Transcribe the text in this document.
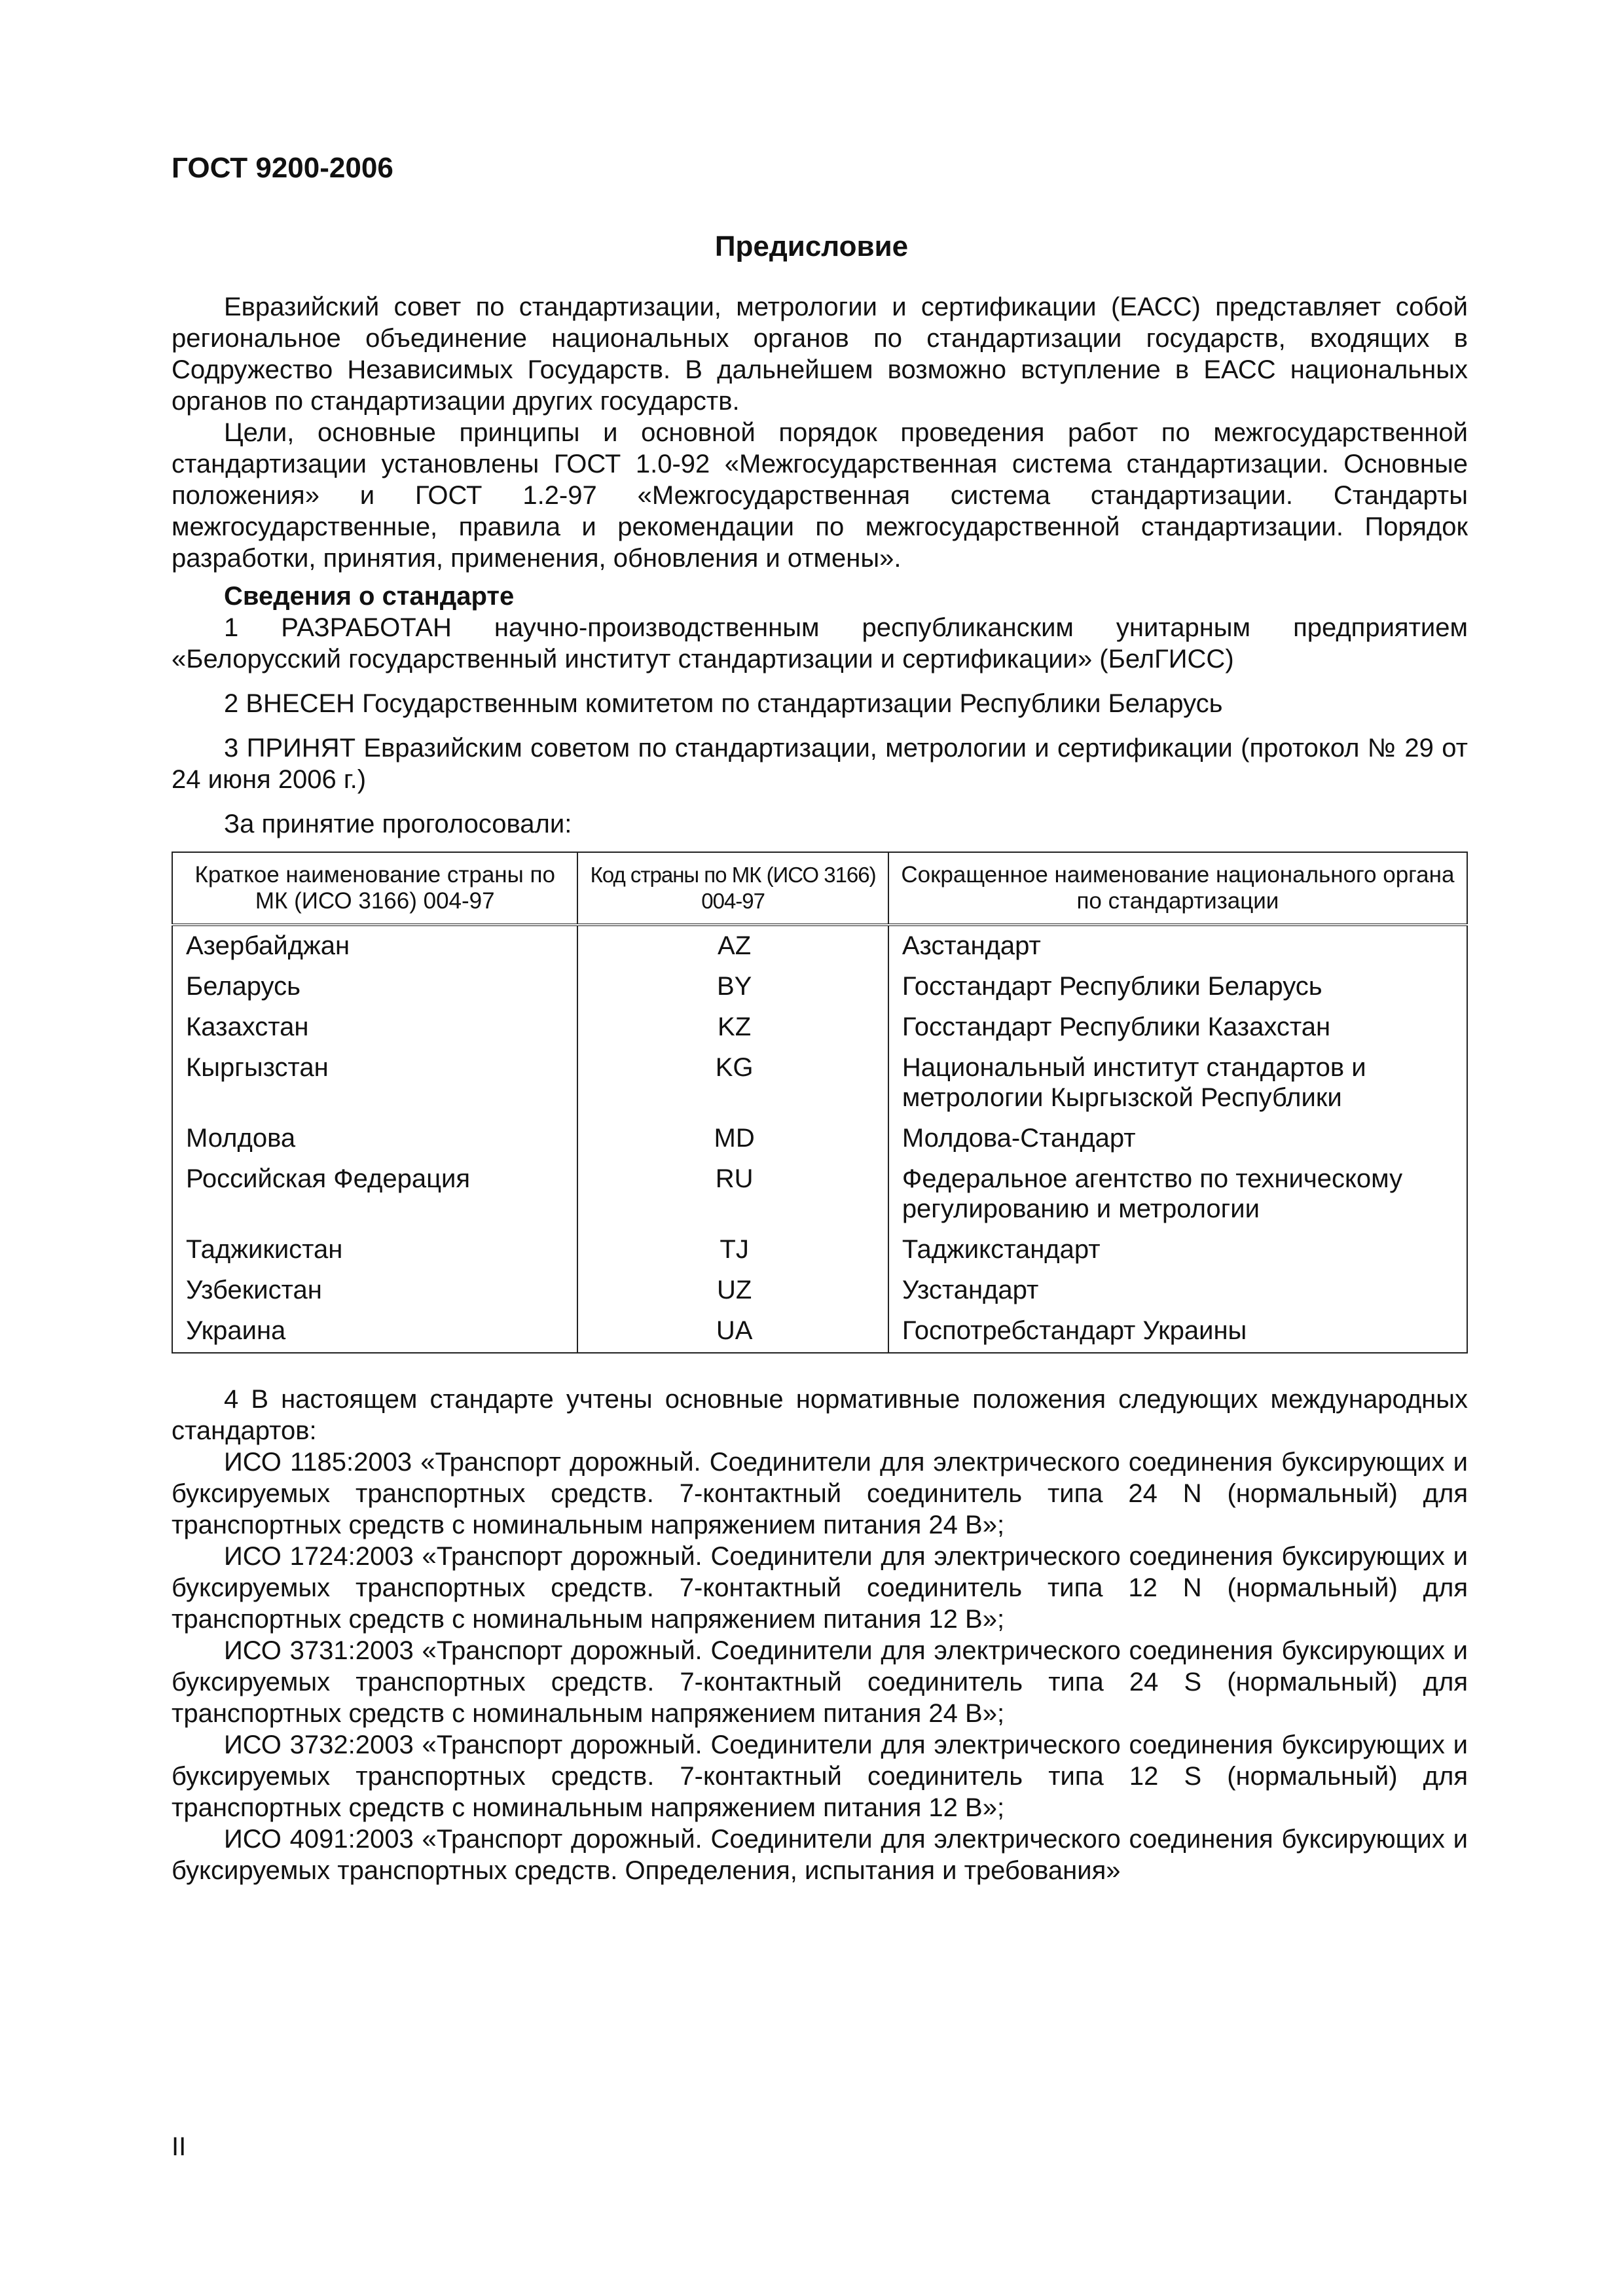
ГОСТ 9200-2006
Предисловие

Евразийский совет по стандартизации, метрологии и сертификации (ЕАСС) представляет собой региональное объединение национальных органов по стандартизации государств, входящих в Содружество Независимых Государств. В дальнейшем возможно вступление в ЕАСС национальных органов по стандартизации других государств.

Цели, основные принципы и основной порядок проведения работ по межгосударственной стандартизации установлены ГОСТ 1.0-92 «Межгосударственная система стандартизации. Основные положения» и ГОСТ 1.2-97 «Межгосударственная система стандартизации. Стандарты межгосударственные, правила и рекомендации по межгосударственной стандартизации. Порядок разработки, принятия, применения, обновления и отмены».

Сведения о стандарте

1 РАЗРАБОТАН научно-производственным республиканским унитарным предприятием «Белорусский государственный институт стандартизации и сертификации» (БелГИСС)

2 ВНЕСЕН Государственным комитетом по стандартизации Республики Беларусь

3 ПРИНЯТ Евразийским советом по стандартизации, метрологии и сертификации (протокол № 29 от 24 июня 2006 г.)

За принятие проголосовали:

Краткое наименование страны по МК (ИСО 3166) 004-97	Код страны по МК (ИСО 3166) 004-97	Сокращенное наименование национального органа по стандартизации
Азербайджан	AZ	Азстандарт
Беларусь	BY	Госстандарт Республики Беларусь
Казахстан	KZ	Госстандарт Республики Казахстан
Кыргызстан	KG	Национальный институт стандартов и метрологии Кыргызской Республики
Молдова	MD	Молдова-Стандарт
Российская Федерация	RU	Федеральное агентство по техническому регулированию и метрологии
Таджикистан	TJ	Таджикстандарт
Узбекистан	UZ	Узстандарт
Украина	UA	Госпотребстандарт Украины

4 В настоящем стандарте учтены основные нормативные положения следующих международных стандартов:

ИСО 1185:2003 «Транспорт дорожный. Соединители для электрического соединения буксирующих и буксируемых транспортных средств. 7-контактный соединитель типа 24 N (нормальный) для транспортных средств с номинальным напряжением питания 24 В»;

ИСО 1724:2003 «Транспорт дорожный. Соединители для электрического соединения буксирующих и буксируемых транспортных средств. 7-контактный соединитель типа 12 N (нормальный) для транспортных средств с номинальным напряжением питания 12 В»;

ИСО 3731:2003 «Транспорт дорожный. Соединители для электрического соединения буксирующих и буксируемых транспортных средств. 7-контактный соединитель типа 24 S (нормальный) для транспортных средств с номинальным напряжением питания 24 В»;

ИСО 3732:2003 «Транспорт дорожный. Соединители для электрического соединения буксирующих и буксируемых транспортных средств. 7-контактный соединитель типа 12 S (нормальный) для транспортных средств с номинальным напряжением питания 12 В»;

ИСО 4091:2003 «Транспорт дорожный. Соединители для электрического соединения буксирующих и буксируемых транспортных средств. Определения, испытания и требования»

II
